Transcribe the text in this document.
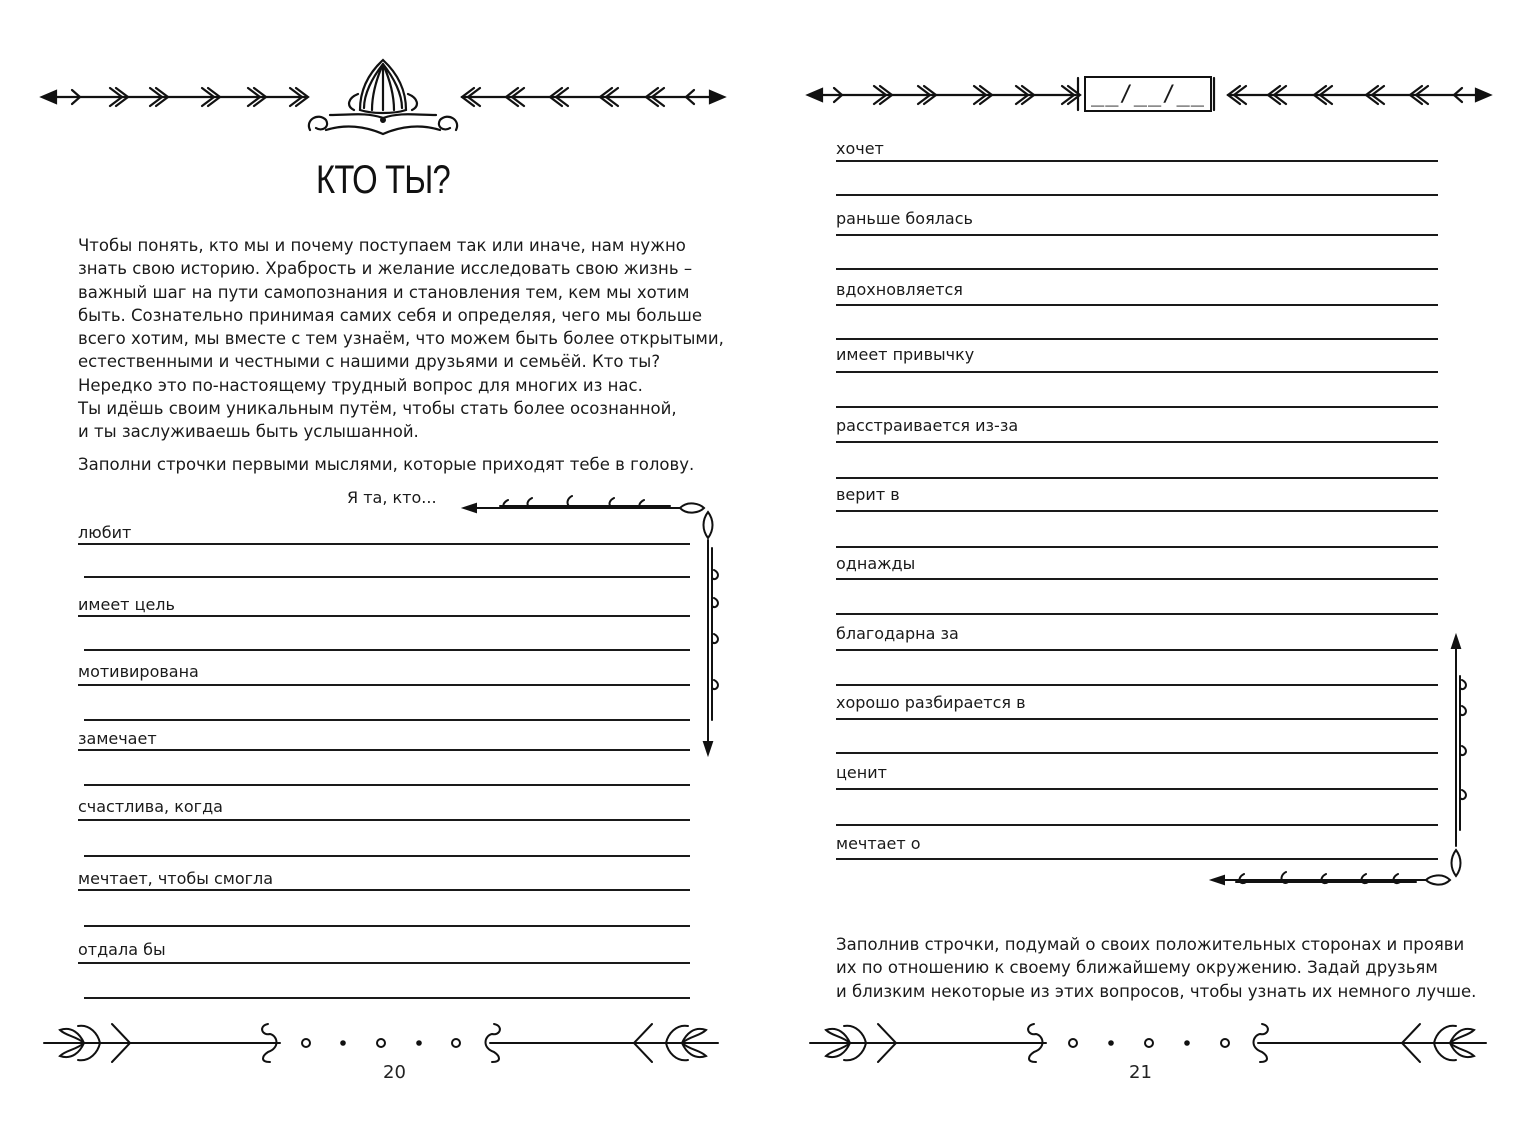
КТО ТЫ?

Чтобы понять, кто мы и почему поступаем так или иначе, нам нужно
знать свою историю. Храбрость и желание исследовать свою жизнь –
важный шаг на пути самопознания и становления тем, кем мы хотим
быть. Сознательно принимая самих себя и определяя, чего мы больше
всего хотим, мы вместе с тем узнаём, что можем быть более открытыми,
естественными и честными с нашими друзьями и семьёй. Кто ты?
Нередко это по-настоящему трудный вопрос для многих из нас.
Ты идёшь своим уникальным путём, чтобы стать более осознанной,
и ты заслуживаешь быть услышанной.

Заполни строчки первыми мыслями, которые приходят тебе в голову.

Я та, кто...
любит
имеет цель
мотивирована
замечает
счастлива, когда
мечтает, чтобы смогла
отдала бы
20
__/__/__
хочет
раньше боялась
вдохновляется
имеет привычку
расстраивается из-за
верит в
однажды
благодарна за
хорошо разбирается в
ценит
мечтает о

Заполнив строчки, подумай о своих положительных сторонах и прояви
их по отношению к своему ближайшему окружению. Задай друзьям
и близким некоторые из этих вопросов, чтобы узнать их немного лучше.

21
